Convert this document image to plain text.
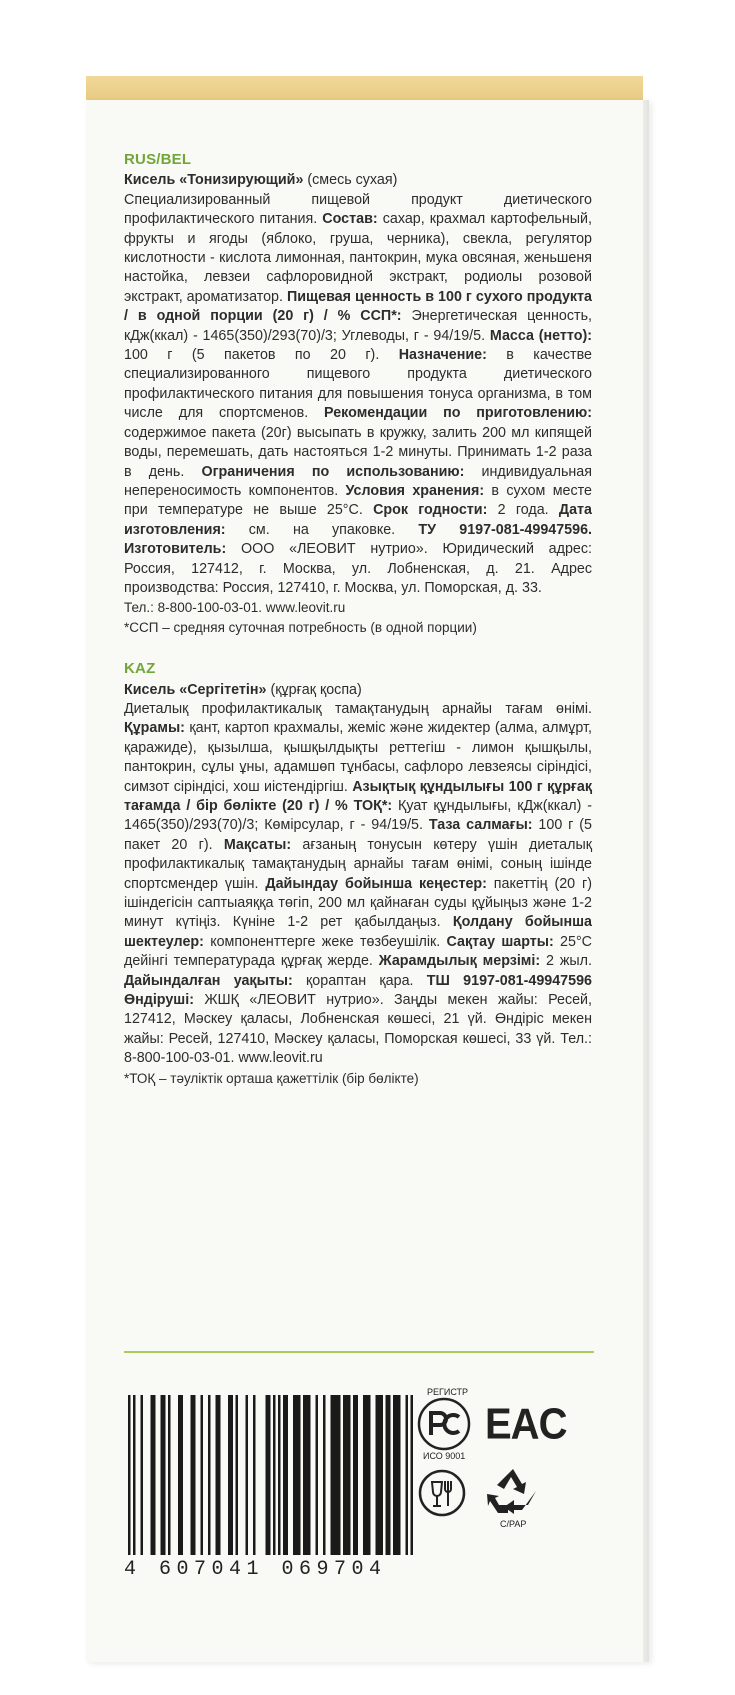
RUS/BEL

Кисель «Тонизирующий» (смесь сухая)

Специализированный пищевой продукт диетического профилактического питания. Состав: сахар, крахмал картофельный, фрукты и ягоды (яблоко, груша, черника), свекла, регулятор кислотности - кислота лимонная, пантокрин, мука овсяная, женьшеня настойка, левзеи сафлоровидной экстракт, родиолы розовой экстракт, ароматизатор. Пищевая ценность в 100 г сухого продукта / в одной порции (20 г) / % ССП*: Энергетическая ценность, кДж(ккал) - 1465(350)/293(70)/3; Углеводы, г - 94/19/5. Масса (нетто): 100 г (5 пакетов по 20 г). Назначение: в качестве специализированного пищевого продукта диетического профилактического питания для повышения тонуса организма, в том числе для спортсменов. Рекомендации по приготовлению: содержимое пакета (20г) высыпать в кружку, залить 200 мл кипящей воды, перемешать, дать настояться 1-2 минуты. Принимать 1-2 раза в день. Ограничения по использованию: индивидуальная непереносимость компонентов. Условия хранения: в сухом месте при температуре не выше 25°С. Срок годности: 2 года. Дата изготовления: см. на упаковке. ТУ 9197-081-49947596. Изготовитель: ООО «ЛЕОВИТ нутрио». Юридический адрес: Россия, 127412, г. Москва, ул. Лобненская, д. 21. Адрес производства: Россия, 127410, г. Москва, ул. Поморская, д. 33.

Тел.: 8-800-100-03-01. www.leovit.ru

*ССП – средняя суточная потребность (в одной порции)

KAZ

Кисель «Сергітетін» (құрғақ қоспа)

Диеталық профилактикалық тамақтанудың арнайы тағам өнімі. Құрамы: қант, картоп крахмалы, жеміс және жидектер (алма, алмұрт, қаражиде), қызылша, қышқылдықты реттегіш - лимон қышқылы, пантокрин, сұлы ұны, адамшөп тұнбасы, сафлоро левзеясы сіріндісі, симзот сіріндісі, хош иістендіргіш. Азықтық құндылығы 100 г құрғақ тағамда / бір бөлікте (20 г) / % ТОҚ*: Қуат құндылығы, кДж(ккал) - 1465(350)/293(70)/3; Көмірсулар, г - 94/19/5. Таза салмағы: 100 г (5 пакет 20 г). Мақсаты: ағзаның тонусын көтеру үшін диеталық профилактикалық тамақтанудың арнайы тағам өнімі, соның ішінде спортсмендер үшін. Дайындау бойынша кеңестер: пакеттің (20 г) ішіндегісін саптыаяққа төгіп, 200 мл қайнаған суды құйыңыз және 1-2 минут күтіңіз. Күніне 1-2 рет қабылдаңыз. Қолдану бойынша шектеулер: компоненттерге жеке төзбеушілік. Сақтау шарты: 25°С дейінгі температурада құрғақ жерде. Жарамдылық мерзімі: 2 жыл. Дайындалған уақыты: қораптан қара. ТШ 9197-081-49947596 Өндіруші: ЖШҚ «ЛЕОВИТ нутрио». Заңды мекен жайы: Ресей, 127412, Мәскеу қаласы, Лобненская көшесі, 21 үй. Өндіріс мекен жайы: Ресей, 127410, Мәскеу қаласы, Поморская көшесі, 33 үй. Тел.: 8-800-100-03-01. www.leovit.ru

*ТОҚ – тәуліктік орташа қажеттілік (бір бөлікте)

4 607041 069704
РЕГИСТР
ИСО 9001
EAC
С/PAP
